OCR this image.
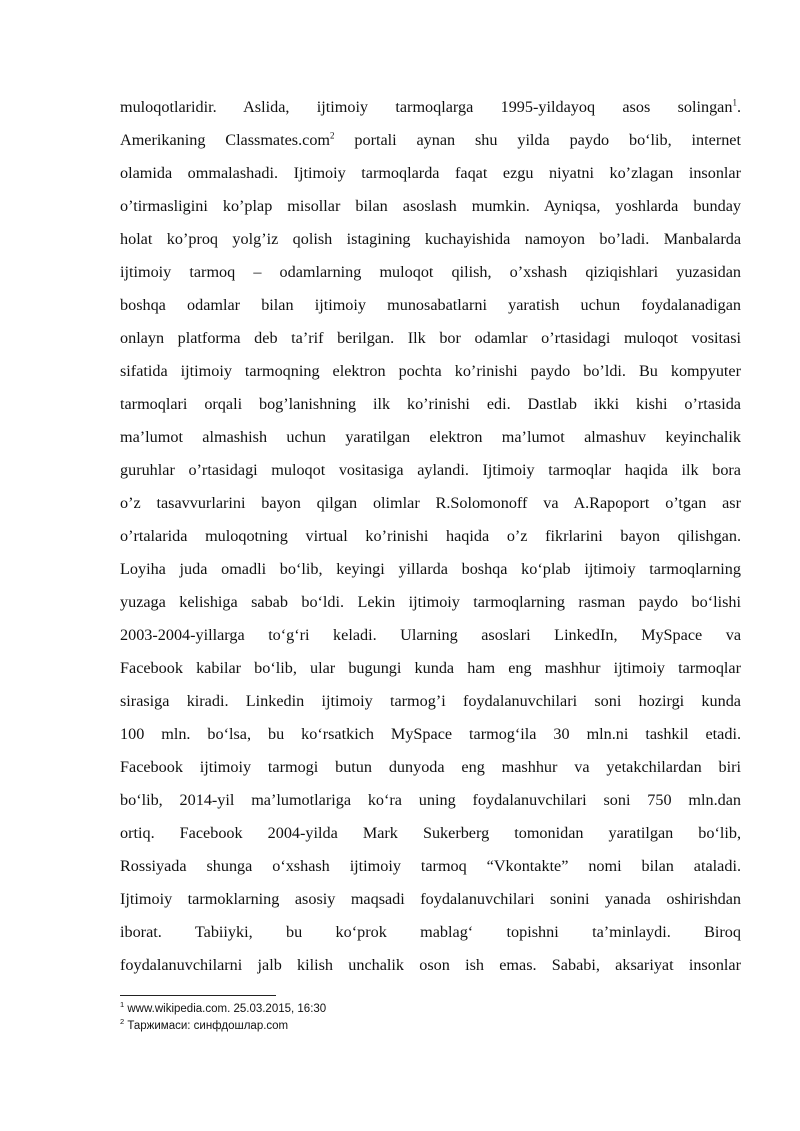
muloqotlaridir. Aslida, ijtimoiy tarmoqlarga 1995-yildayoq asos solingan$^1$.
Amerikaning Classmates.com$^2$ portali aynan shu yilda paydo bo‘lib, internet
olamida ommalashadi. Ijtimoiy tarmoqlarda faqat ezgu niyatni ko’zlagan insonlar
o’tirmasligini ko’plap misollar bilan asoslash mumkin. Ayniqsa, yoshlarda bunday
holat ko’proq yolg’iz qolish istagining kuchayishida namoyon bo’ladi. Manbalarda
ijtimoiy tarmoq – odamlarning muloqot qilish, o’xshash qiziqishlari yuzasidan
boshqa odamlar bilan ijtimoiy munosabatlarni yaratish uchun foydalanadigan
onlayn platforma deb ta’rif berilgan. Ilk bor odamlar o’rtasidagi muloqot vositasi
sifatida ijtimoiy tarmoqning elektron pochta ko’rinishi paydo bo’ldi. Bu kompyuter
tarmoqlari orqali bog’lanishning ilk ko’rinishi edi. Dastlab ikki kishi o’rtasida
ma’lumot almashish uchun yaratilgan elektron ma’lumot almashuv keyinchalik
guruhlar o’rtasidagi muloqot vositasiga aylandi. Ijtimoiy tarmoqlar haqida ilk bora
o’z tasavvurlarini bayon qilgan olimlar R.Solomonoff va A.Rapoport o’tgan asr
o’rtalarida muloqotning virtual ko’rinishi haqida o’z fikrlarini bayon qilishgan.
Loyiha juda omadli bo‘lib, keyingi yillarda boshqa ko‘plab ijtimoiy tarmoqlarning
yuzaga kelishiga sabab bo‘ldi. Lekin ijtimoiy tarmoqlarning rasman paydo bo‘lishi
2003-2004-yillarga to‘g‘ri keladi. Ularning asoslari LinkedIn, MySpace va
Facebook kabilar bo‘lib, ular bugungi kunda ham eng mashhur ijtimoiy tarmoqlar
sirasiga kiradi. Linkedin ijtimoiy tarmog’i foydalanuvchilari soni hozirgi kunda
100 mln. bo‘lsa, bu ko‘rsatkich MySpace tarmog‘ila 30 mln.ni tashkil etadi.
Facebook ijtimoiy tarmogi butun dunyoda eng mashhur va yetakchilardan biri
bo‘lib, 2014-yil ma’lumotlariga ko‘ra uning foydalanuvchilari soni 750 mln.dan
ortiq. Facebook 2004-yilda Mark Sukerberg tomonidan yaratilgan bo‘lib,
Rossiyada shunga o‘xshash ijtimoiy tarmoq “Vkontakte” nomi bilan ataladi.
Ijtimoiy tarmoklarning asosiy maqsadi foydalanuvchilari sonini yanada oshirishdan
iborat. Tabiiyki, bu ko‘prok mablag‘ topishni ta’minlaydi. Biroq
foydalanuvchilarni jalb kilish unchalik oson ish emas. Sababi, aksariyat insonlar
$^1$ www.wikipedia.com. 25.03.2015, 16:30
$^2$ Таржимаси: синфдошлар.com
